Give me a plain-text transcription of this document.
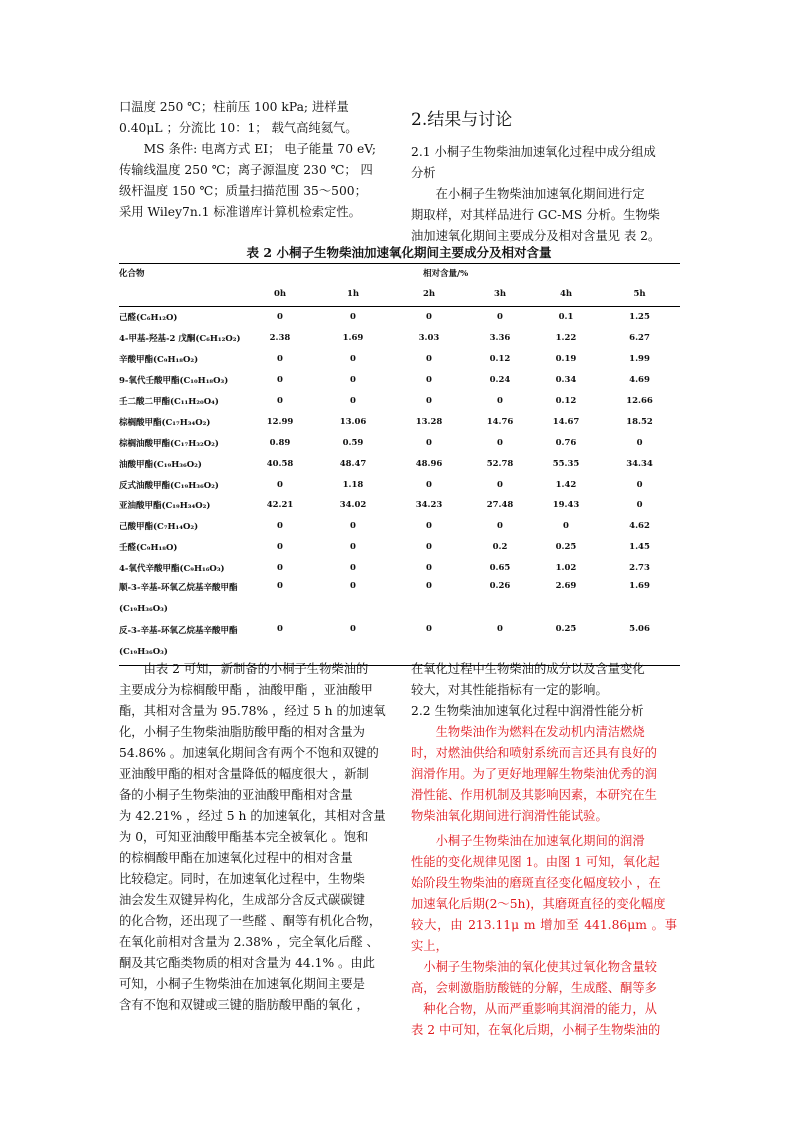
口温度 250 ℃；柱前压 100 kPa; 进样量

0.40μL ；分流比 10：1； 载气高纯氦气。

MS 条件: 电离方式 EI； 电子能量 70 eV;

传输线温度 250 ℃；离子源温度 230 ℃； 四

级杆温度 150 ℃；质量扫描范围 35～500；

采用 Wiley7n.1 标准谱库计算机检索定性。

2.结果与讨论

2.1 小桐子生物柴油加速氧化过程中成分组成

分析

在小桐子生物柴油加速氧化期间进行定

期取样，对其样品进行 GC-MS 分析。生物柴

油加速氧化期间主要成分及相对含量见 表 2。

表 2 小桐子生物柴油加速氧化期间主要成分及相对含量
化合物	相对含量/%					
	0h	1h	2h	3h	4h	5h

己醛(C₆H₁₂O)	0	0	0	0	0.1	1.25

4-甲基-羟基-2 戊酮(C₆H₁₂O₂)	2.38	1.69	3.03	3.36	1.22	6.27

辛酸甲酯(C₉H₁₈O₂)	0	0	0	0.12	0.19	1.99

9-氧代壬酸甲酯(C₁₀H₁₈O₃)	0	0	0	0.24	0.34	4.69

壬二酸二甲酯(C₁₁H₂₀O₄)	0	0	0	0	0.12	12.66

棕榈酸甲酯(C₁₇H₃₄O₂)	12.99	13.06	13.28	14.76	14.67	18.52

棕榈油酸甲酯(C₁₇H₃₂O₂)	0.89	0.59	0	0	0.76	0

油酸甲酯(C₁₉H₃₆O₂)	40.58	48.47	48.96	52.78	55.35	34.34

反式油酸甲酯(C₁₉H₃₆O₂)	0	1.18	0	0	1.42	0

亚油酸甲酯(C₁₉H₃₄O₂)	42.21	34.02	34.23	27.48	19.43	0

己酸甲酯(C₇H₁₄O₂)	0	0	0	0	0	4.62

壬醛(C₉H₁₈O)	0	0	0	0.2	0.25	1.45

4-氧代辛酸甲酯(C₉H₁₆O₃)	0	0	0	0.65	1.02	2.73

顺-3-辛基-环氧乙烷基辛酸甲酯
(C₁₉H₃₆O₃)	0	0	0	0.26	2.69	1.69

反-3-辛基-环氧乙烷基辛酸甲酯
(C₁₉H₃₆O₃)	0	0	0	0	0.25	5.06

由表 2 可知，新制备的小桐子生物柴油的

主要成分为棕榈酸甲酯 ，油酸甲酯 ，亚油酸甲

酯，其相对含量为 95.78% ，经过 5 h 的加速氧

化，小桐子生物柴油脂肪酸甲酯的相对含量为

54.86% 。加速氧化期间含有两个不饱和双键的

亚油酸甲酯的相对含量降低的幅度很大 ，新制

备的小桐子生物柴油的亚油酸甲酯相对含量

为 42.21% ，经过 5 h 的加速氧化，其相对含量

为 0，可知亚油酸甲酯基本完全被氧化 。饱和

的棕榈酸甲酯在加速氧化过程中的相对含量

比较稳定。同时，在加速氧化过程中，生物柴

油会发生双键异构化，生成部分含反式碳碳键

的化合物，还出现了一些醛 、酮等有机化合物，

在氧化前相对含量为 2.38% ，完全氧化后醛 、

酮及其它酯类物质的相对含量为 44.1% 。由此

可知，小桐子生物柴油在加速氧化期间主要是

含有不饱和双键或三键的脂肪酸甲酯的氧化 ，

在氧化过程中生物柴油的成分以及含量变化

较大，对其性能指标有一定的影响。

2.2 生物柴油加速氧化过程中润滑性能分析

生物柴油作为燃料在发动机内清洁燃烧

时，对燃油供给和喷射系统而言还具有良好的

润滑作用。为了更好地理解生物柴油优秀的润

滑性能、作用机制及其影响因素，本研究在生

物柴油氧化期间进行润滑性能试验。

小桐子生物柴油在加速氧化期间的润滑

性能的变化规律见图 1。由图 1 可知，氧化起

始阶段生物柴油的磨斑直径变化幅度较小 ，在

加速氧化后期(2～5h)，其磨斑直径的变化幅度

较大，由 213.11μ m 增加至 441.86μm 。事实上，

小桐子生物柴油的氧化使其过氧化物含量较

高，会刺激脂肪酸链的分解，生成醛、酮等多

种化合物，从而严重影响其润滑的能力，从

表 2 中可知，在氧化后期，小桐子生物柴油的
